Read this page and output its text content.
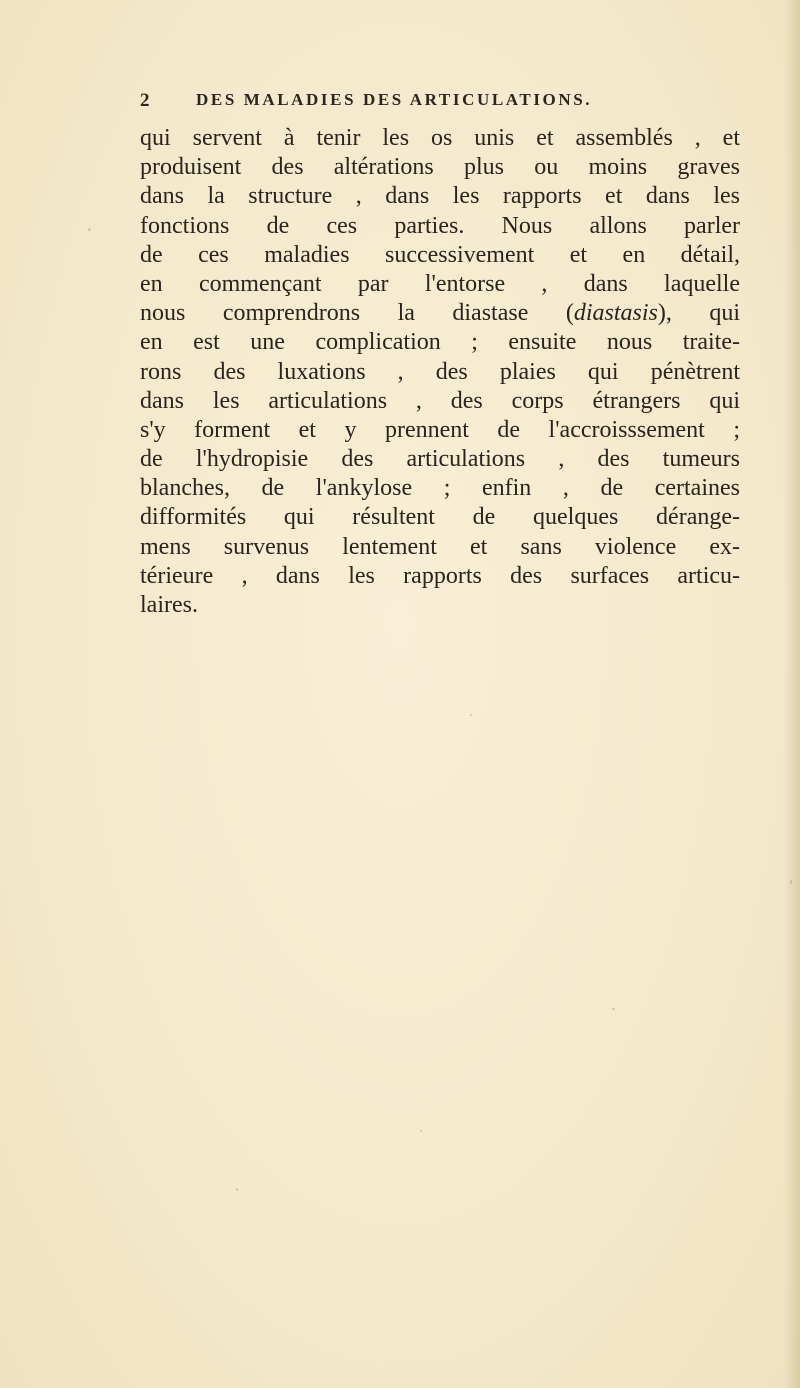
2	DES MALADIES DES ARTICULATIONS.
qui servent à tenir les os unis et assemblés , et
produisent des altérations plus ou moins graves
dans la structure , dans les rapports et dans les
fonctions de ces parties. Nous allons parler
de ces maladies successivement et en détail,
en commençant par l'entorse , dans laquelle
nous comprendrons la diastase (diastasis), qui
en est une complication ; ensuite nous traite-
rons des luxations , des plaies qui pénètrent
dans les articulations , des corps étrangers qui
s'y forment et y prennent de l'accroisssement ;
de l'hydropisie des articulations , des tumeurs
blanches, de l'ankylose ; enfin , de certaines
difformités qui résultent de quelques dérange-
mens survenus lentement et sans violence ex-
térieure , dans les rapports des surfaces articu-
laires.
